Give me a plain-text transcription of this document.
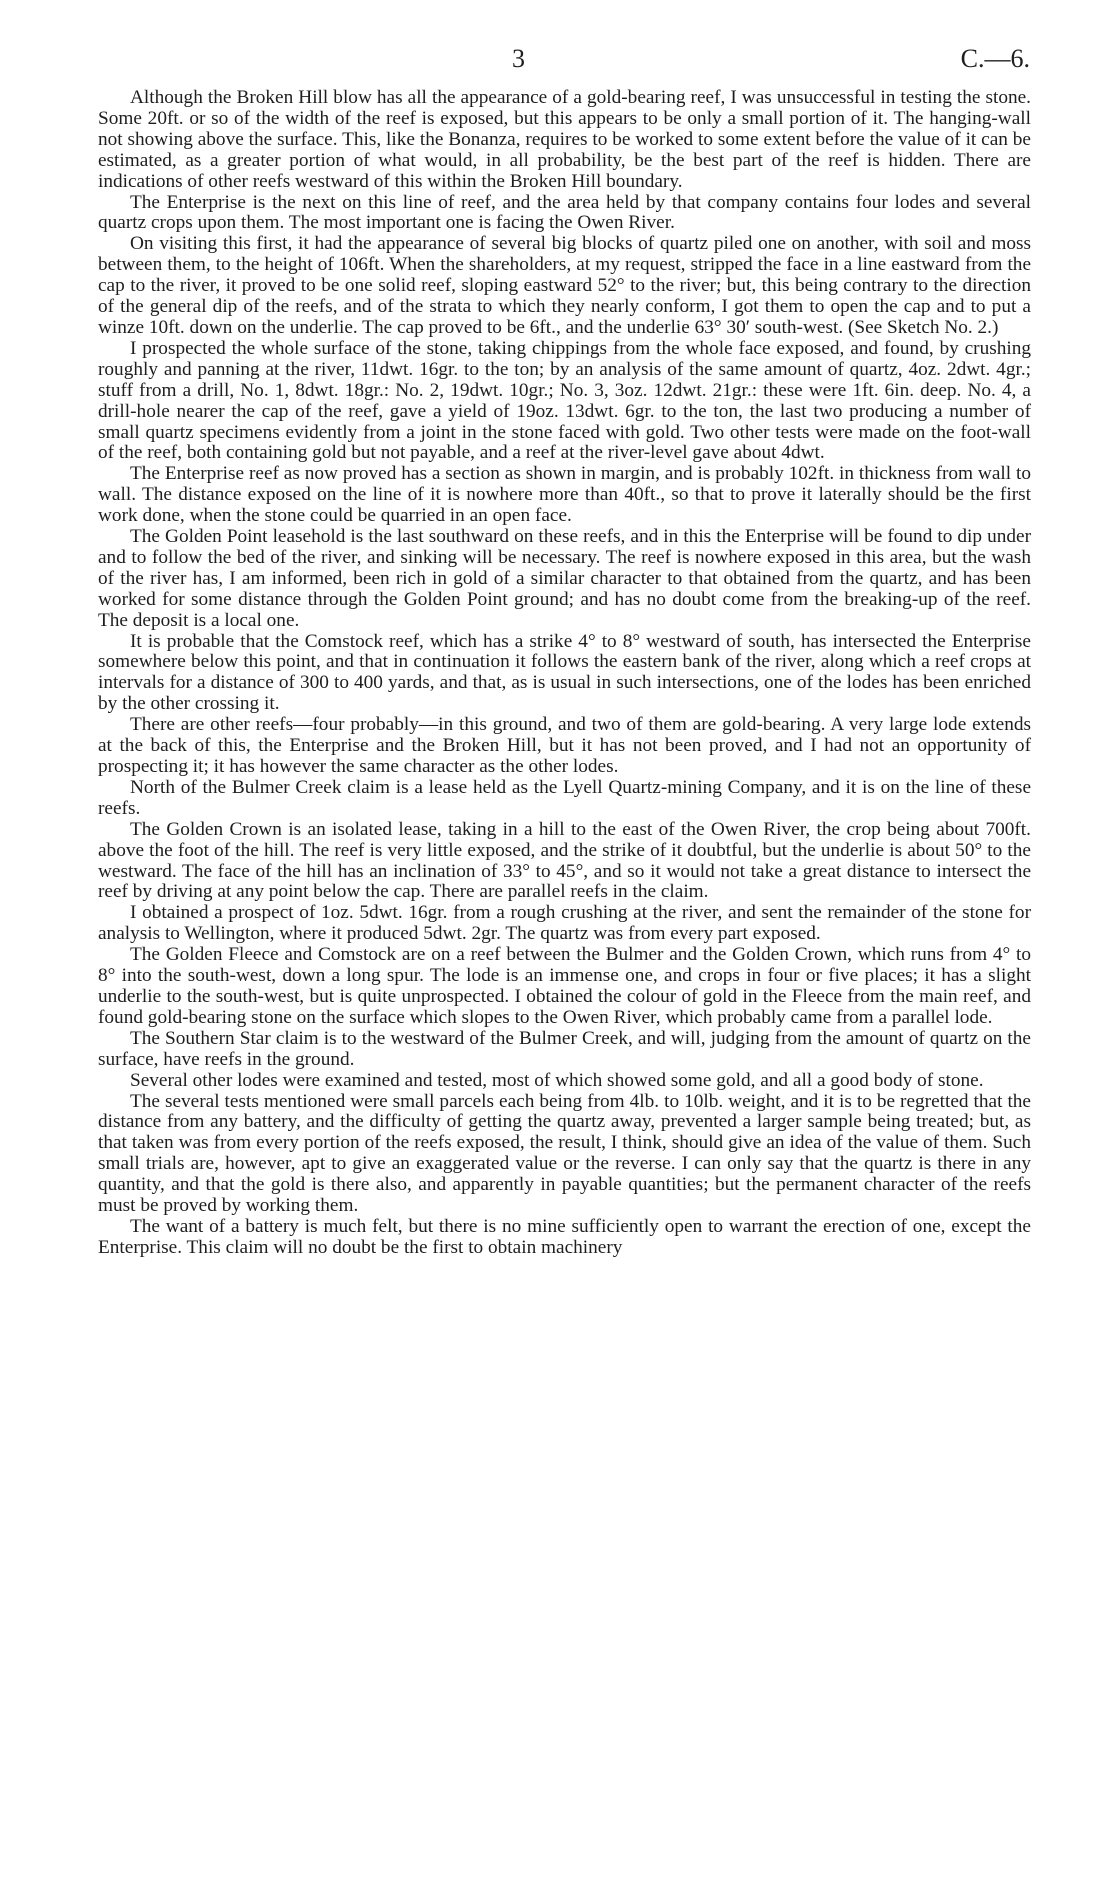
3	C.—6.

Although the Broken Hill blow has all the appearance of a gold-bearing reef, I was unsuccessful in testing the stone. Some 20ft. or so of the width of the reef is exposed, but this appears to be only a small portion of it. The hanging-wall not showing above the surface. This, like the Bonanza, requires to be worked to some extent before the value of it can be estimated, as a greater portion of what would, in all probability, be the best part of the reef is hidden. There are indications of other reefs westward of this within the Broken Hill boundary.

The Enterprise is the next on this line of reef, and the area held by that company contains four lodes and several quartz crops upon them. The most important one is facing the Owen River.

On visiting this first, it had the appearance of several big blocks of quartz piled one on another, with soil and moss between them, to the height of 106ft. When the shareholders, at my request, stripped the face in a line eastward from the cap to the river, it proved to be one solid reef, sloping eastward 52° to the river; but, this being contrary to the direction of the general dip of the reefs, and of the strata to which they nearly conform, I got them to open the cap and to put a winze 10ft. down on the underlie. The cap proved to be 6ft., and the underlie 63° 30′ south-west. (See Sketch No. 2.)

I prospected the whole surface of the stone, taking chippings from the whole face exposed, and found, by crushing roughly and panning at the river, 11dwt. 16gr. to the ton; by an analysis of the same amount of quartz, 4oz. 2dwt. 4gr.; stuff from a drill, No. 1, 8dwt. 18gr.: No. 2, 19dwt. 10gr.; No. 3, 3oz. 12dwt. 21gr.: these were 1ft. 6in. deep. No. 4, a drill-hole nearer the cap of the reef, gave a yield of 19oz. 13dwt. 6gr. to the ton, the last two producing a number of small quartz specimens evidently from a joint in the stone faced with gold. Two other tests were made on the foot-wall of the reef, both containing gold but not payable, and a reef at the river-level gave about 4dwt.

The Enterprise reef as now proved has a section as shown in margin, and is probably 102ft. in thickness from wall to wall. The distance exposed on the line of it is nowhere more than 40ft., so that to prove it laterally should be the first work done, when the stone could be quarried in an open face.

The Golden Point leasehold is the last southward on these reefs, and in this the Enterprise will be found to dip under and to follow the bed of the river, and sinking will be necessary. The reef is nowhere exposed in this area, but the wash of the river has, I am informed, been rich in gold of a similar character to that obtained from the quartz, and has been worked for some distance through the Golden Point ground; and has no doubt come from the breaking-up of the reef. The deposit is a local one.

It is probable that the Comstock reef, which has a strike 4° to 8° westward of south, has intersected the Enterprise somewhere below this point, and that in continuation it follows the eastern bank of the river, along which a reef crops at intervals for a distance of 300 to 400 yards, and that, as is usual in such intersections, one of the lodes has been enriched by the other crossing it.

There are other reefs—four probably—in this ground, and two of them are gold-bearing. A very large lode extends at the back of this, the Enterprise and the Broken Hill, but it has not been proved, and I had not an opportunity of prospecting it; it has however the same character as the other lodes.

North of the Bulmer Creek claim is a lease held as the Lyell Quartz-mining Company, and it is on the line of these reefs.

The Golden Crown is an isolated lease, taking in a hill to the east of the Owen River, the crop being about 700ft. above the foot of the hill. The reef is very little exposed, and the strike of it doubtful, but the underlie is about 50° to the westward. The face of the hill has an inclination of 33° to 45°, and so it would not take a great distance to intersect the reef by driving at any point below the cap. There are parallel reefs in the claim.

I obtained a prospect of 1oz. 5dwt. 16gr. from a rough crushing at the river, and sent the remainder of the stone for analysis to Wellington, where it produced 5dwt. 2gr. The quartz was from every part exposed.

The Golden Fleece and Comstock are on a reef between the Bulmer and the Golden Crown, which runs from 4° to 8° into the south-west, down a long spur. The lode is an immense one, and crops in four or five places; it has a slight underlie to the south-west, but is quite unprospected. I obtained the colour of gold in the Fleece from the main reef, and found gold-bearing stone on the surface which slopes to the Owen River, which probably came from a parallel lode.

The Southern Star claim is to the westward of the Bulmer Creek, and will, judging from the amount of quartz on the surface, have reefs in the ground.

Several other lodes were examined and tested, most of which showed some gold, and all a good body of stone.

The several tests mentioned were small parcels each being from 4lb. to 10lb. weight, and it is to be regretted that the distance from any battery, and the difficulty of getting the quartz away, prevented a larger sample being treated; but, as that taken was from every portion of the reefs exposed, the result, I think, should give an idea of the value of them. Such small trials are, however, apt to give an exaggerated value or the reverse. I can only say that the quartz is there in any quantity, and that the gold is there also, and apparently in payable quantities; but the permanent character of the reefs must be proved by working them.

The want of a battery is much felt, but there is no mine sufficiently open to warrant the erection of one, except the Enterprise. This claim will no doubt be the first to obtain machinery
